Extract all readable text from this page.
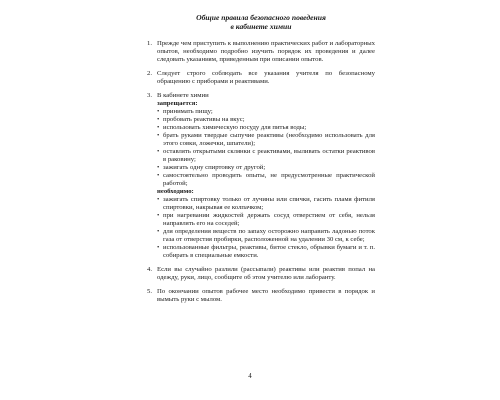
Общие правила безопасного поведения
в кабинете химии
1. Прежде чем приступить к выполнению практических работ и лабораторных опытов, необходимо подробно изучить порядок их проведения и далее следовать указаниям, приведенным при описании опытов.
2. Следует строго соблюдать все указания учителя по безопасному обращению с приборами и реактивами.
3. В кабинете химии
запрещается:
• принимать пищу;
• пробовать реактивы на вкус;
• использовать химическую посуду для питья воды;
• брать руками твердые сыпучие реактивы (необходимо использовать для этого совки, ложечки, шпатели);
• оставлять открытыми склянки с реактивами, выливать остатки реактивов в раковину;
• зажигать одну спиртовку от другой;
• самостоятельно проводить опыты, не предусмотренные практической работой;
необходимо:
• зажигать спиртовку только от лучины или спички, гасить пламя фитиля спиртовки, накрывая ее колпачком;
• при нагревании жидкостей держать сосуд отверстием от себя, нельзя направлять его на соседей;
• для определения веществ по запаху осторожно направить ладонью поток газа от отверстия пробирки, расположенной на удалении 30 см, к себе;
• использованные фильтры, реактивы, битое стекло, обрывки бумаги и т. п. собирать в специальные емкости.
4. Если вы случайно разлили (рассыпали) реактивы или реактив попал на одежду, руки, лицо, сообщите об этом учителю или лаборанту.
5. По окончании опытов рабочее место необходимо привести в порядок и вымыть руки с мылом.
4
